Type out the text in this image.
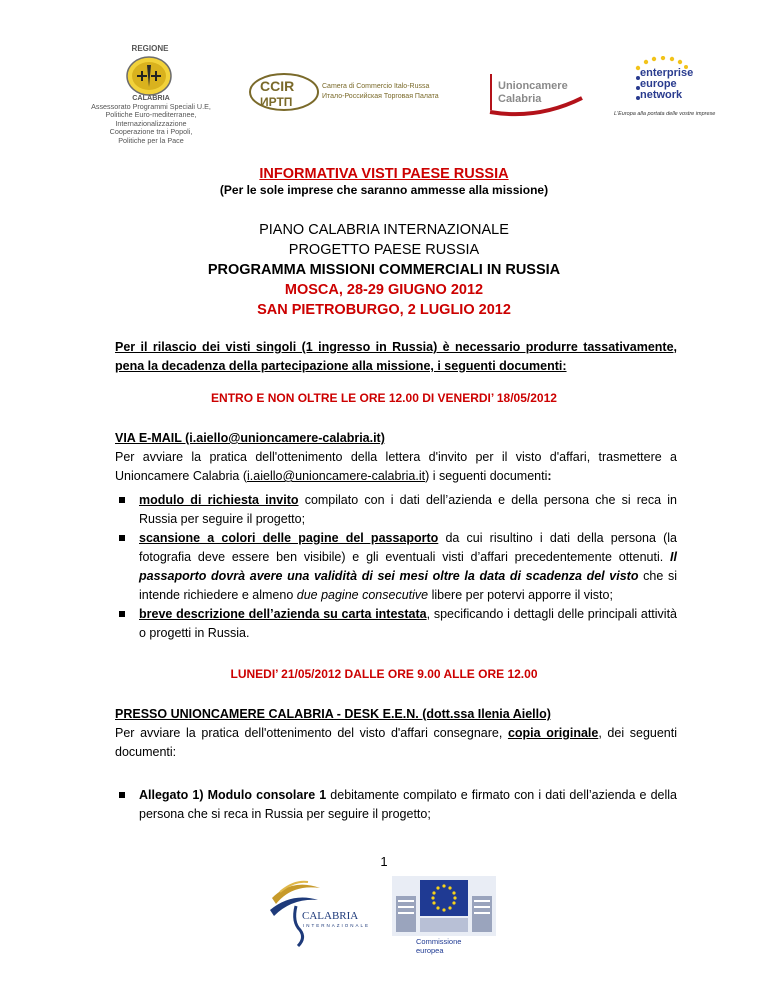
REGIONE
CALABRIA
Assessorato Programmi Speciali U.E,
Politiche Euro-mediterranee,
Internazionalizzazione
Cooperazione tra i Popoli,
Politiche per la Pace
CCIR
ИРТП
Camera di Commercio Italo-Russa
Итало-Российская Торговая Палата
Unioncamere
Calabria
enterprise
europe
network
L'Europa alla portata delle vostre imprese
INFORMATIVA VISTI PAESE RUSSIA
(Per le sole imprese che saranno ammesse alla missione)
PIANO CALABRIA INTERNAZIONALE
PROGETTO PAESE RUSSIA
PROGRAMMA MISSIONI COMMERCIALI IN RUSSIA
MOSCA, 28-29 GIUGNO 2012
SAN PIETROBURGO, 2 LUGLIO 2012
Per il rilascio dei visti singoli (1 ingresso in Russia) è necessario produrre tassativamente, pena la decadenza della partecipazione alla missione, i seguenti documenti:
ENTRO E NON OLTRE LE ORE 12.00 DI VENERDI’ 18/05/2012
VIA E-MAIL (i.aiello@unioncamere-calabria.it)
Per avviare la pratica dell'ottenimento della lettera d'invito per il visto d'affari, trasmettere a Unioncamere Calabria (i.aiello@unioncamere-calabria.it) i seguenti documenti:
modulo di richiesta invito compilato con i dati dell’azienda e della persona che si reca in Russia per seguire il progetto;
scansione a colori delle pagine del passaporto da cui risultino i dati della persona (la fotografia deve essere ben visibile) e gli eventuali visti d’affari precedentemente ottenuti. Il passaporto dovrà avere una validità di sei mesi oltre la data di scadenza del visto che si intende richiedere e almeno due pagine consecutive libere per potervi apporre il visto;
breve descrizione dell’azienda su carta intestata, specificando i dettagli delle principali attività o progetti in Russia.
LUNEDI’ 21/05/2012 DALLE ORE 9.00 ALLE ORE 12.00
PRESSO UNIONCAMERE CALABRIA - DESK E.E.N. (dott.ssa Ilenia Aiello)
Per avviare la pratica dell'ottenimento del visto d'affari consegnare, copia originale, dei seguenti documenti:
Allegato 1) Modulo consolare 1 debitamente compilato e firmato con i dati dell’azienda e della persona che si reca in Russia per seguire il progetto;
1
CALABRIA
INTERNAZIONALE
Commissione
europea
